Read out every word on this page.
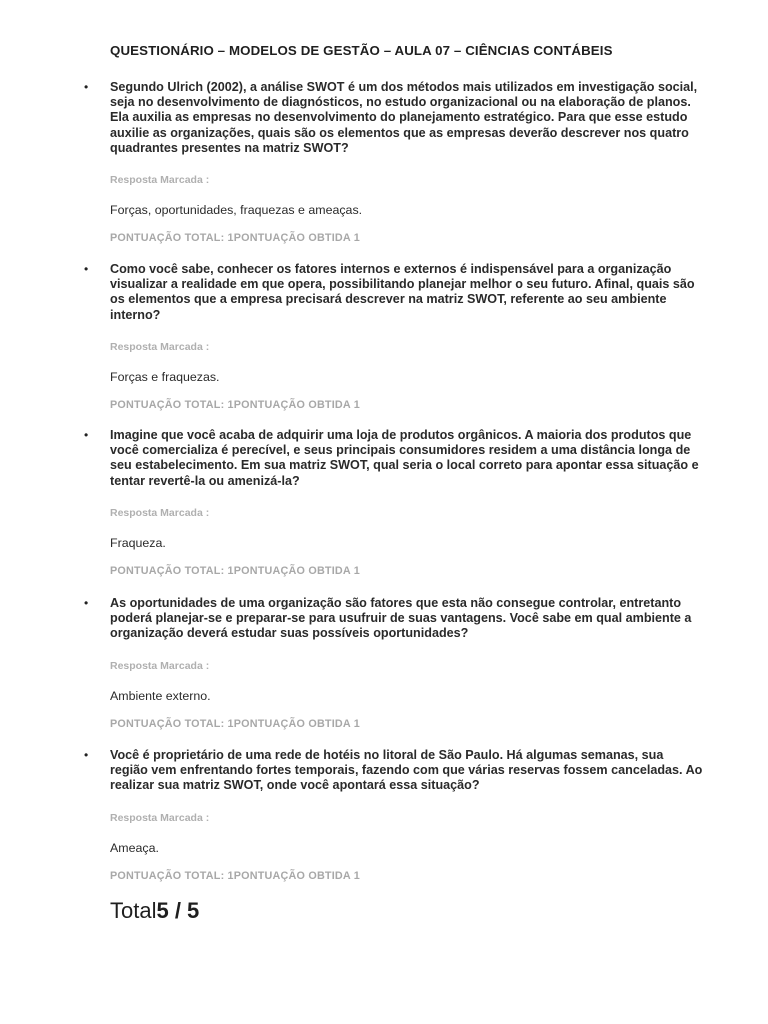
QUESTIONÁRIO – MODELOS DE GESTÃO – AULA 07 – CIÊNCIAS CONTÁBEIS
•	Segundo Ulrich (2002), a análise SWOT é um dos métodos mais utilizados em investigação social, seja no desenvolvimento de diagnósticos, no estudo organizacional ou na elaboração de planos. Ela auxilia as empresas no desenvolvimento do planejamento estratégico. Para que esse estudo auxilie as organizações, quais são os elementos que as empresas deverão descrever nos quatro quadrantes presentes na matriz SWOT?
Resposta Marcada :
Forças, oportunidades, fraquezas e ameaças.
PONTUAÇÃO TOTAL: 1PONTUAÇÃO OBTIDA 1
•	Como você sabe, conhecer os fatores internos e externos é indispensável para a organização visualizar a realidade em que opera, possibilitando planejar melhor o seu futuro. Afinal, quais são os elementos que a empresa precisará descrever na matriz SWOT, referente ao seu ambiente interno?
Resposta Marcada :
Forças e fraquezas.
PONTUAÇÃO TOTAL: 1PONTUAÇÃO OBTIDA 1
•	Imagine que você acaba de adquirir uma loja de produtos orgânicos. A maioria dos produtos que você comercializa é perecível, e seus principais consumidores residem a uma distância longa de seu estabelecimento. Em sua matriz SWOT, qual seria o local correto para apontar essa situação e tentar revertê-la ou amenizá-la?
Resposta Marcada :
Fraqueza.
PONTUAÇÃO TOTAL: 1PONTUAÇÃO OBTIDA 1
•	As oportunidades de uma organização são fatores que esta não consegue controlar, entretanto poderá planejar-se e preparar-se para usufruir de suas vantagens. Você sabe em qual ambiente a organização deverá estudar suas possíveis oportunidades?
Resposta Marcada :
Ambiente externo.
PONTUAÇÃO TOTAL: 1PONTUAÇÃO OBTIDA 1
•	Você é proprietário de uma rede de hotéis no litoral de São Paulo. Há algumas semanas, sua região vem enfrentando fortes temporais, fazendo com que várias reservas fossem canceladas. Ao realizar sua matriz SWOT, onde você apontará essa situação?
Resposta Marcada :
Ameaça.
PONTUAÇÃO TOTAL: 1PONTUAÇÃO OBTIDA 1
Total5 / 5
